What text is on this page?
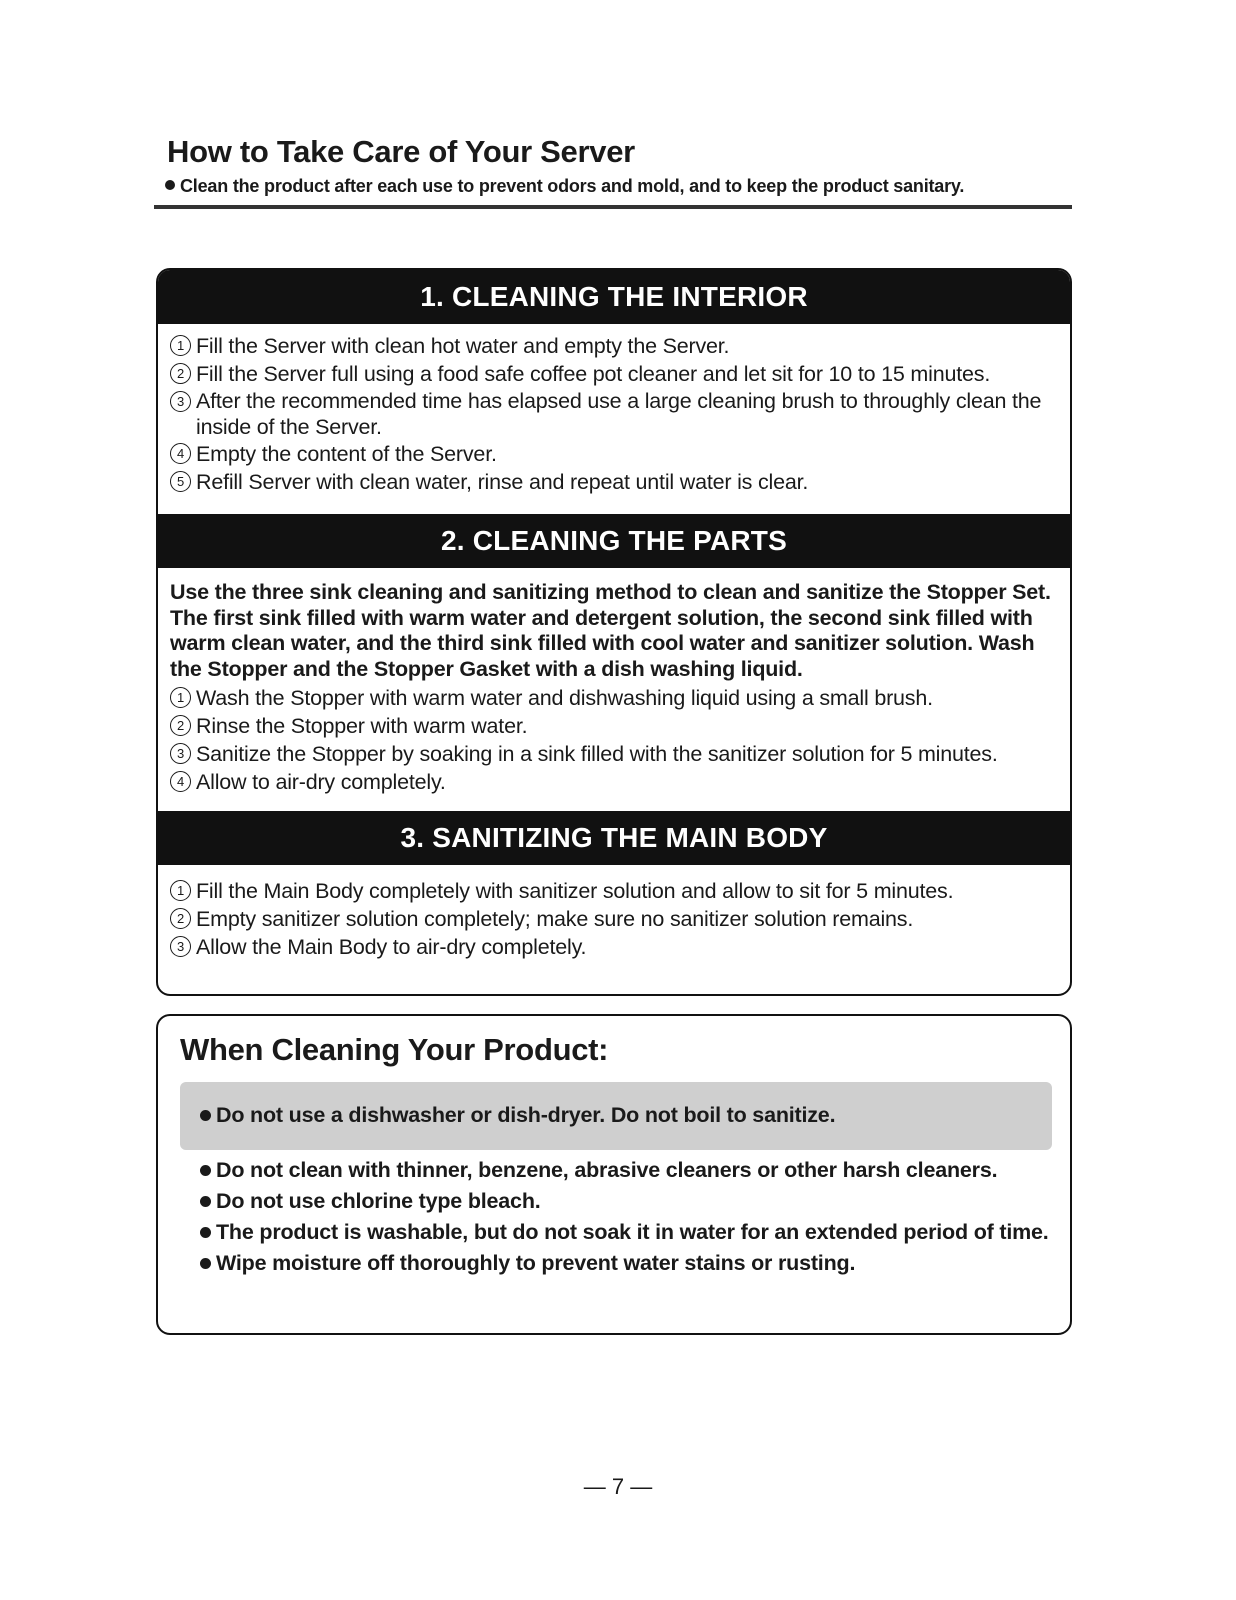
How to Take Care of Your Server
Clean the product after each use to prevent odors and mold, and to keep the product sanitary.
1. CLEANING THE INTERIOR
1 Fill the Server with clean hot water and empty the Server.
2 Fill the Server full using a food safe coffee pot cleaner and let sit for 10 to 15 minutes.
3 After the recommended time has elapsed use a large cleaning brush to throughly clean the inside of the Server.
4 Empty the content of the Server.
5 Refill Server with clean water, rinse and repeat until water is clear.
2. CLEANING THE PARTS
Use the three sink cleaning and sanitizing method to clean and sanitize the Stopper Set. The first sink filled with warm water and detergent solution, the second sink filled with warm clean water, and the third sink filled with cool water and sanitizer solution. Wash the Stopper and the Stopper Gasket with a dish washing liquid.
1 Wash the Stopper with warm water and dishwashing liquid using a small brush.
2 Rinse the Stopper with warm water.
3 Sanitize the Stopper by soaking in a sink filled with the sanitizer solution for 5 minutes.
4 Allow to air-dry completely.
3. SANITIZING THE MAIN BODY
1 Fill the Main Body completely with sanitizer solution and allow to sit for 5 minutes.
2 Empty sanitizer solution completely; make sure no sanitizer solution remains.
3 Allow the Main Body to air-dry completely.
When Cleaning Your Product:
Do not use a dishwasher or dish-dryer. Do not boil to sanitize.
Do not clean with thinner, benzene, abrasive cleaners or other harsh cleaners.
Do not use chlorine type bleach.
The product is washable, but do not soak it in water for an extended period of time.
Wipe moisture off thoroughly to prevent water stains or rusting.
— 7 —
